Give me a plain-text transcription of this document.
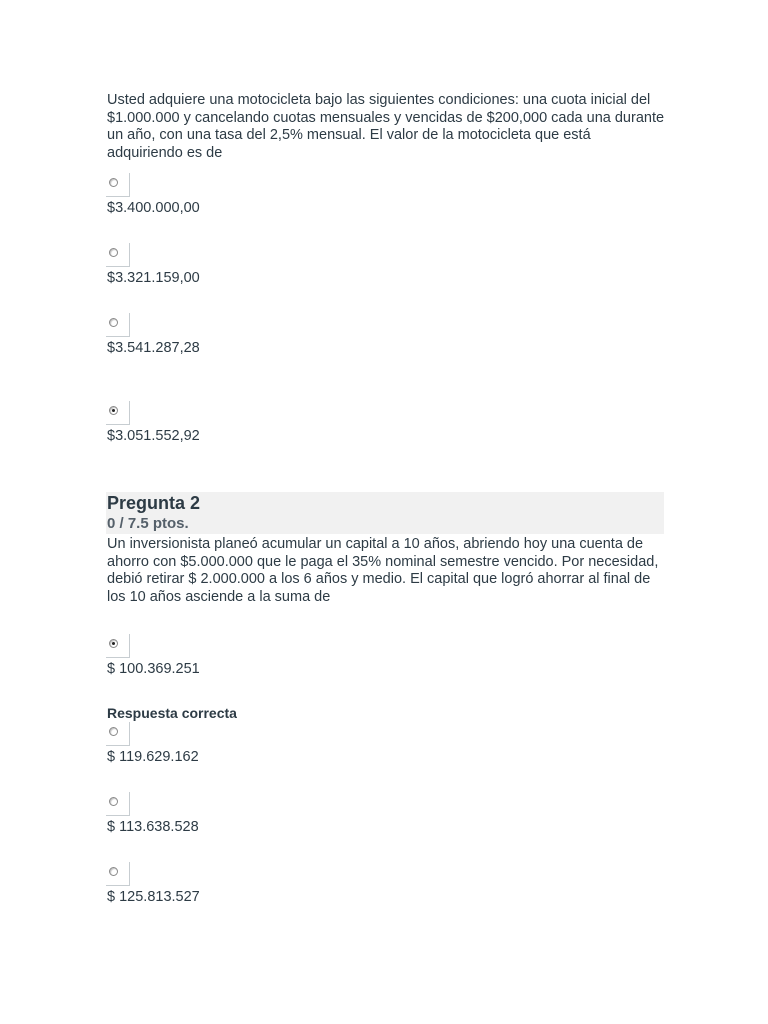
Usted adquiere una motocicleta bajo las siguientes condiciones: una cuota inicial del $1.000.000 y cancelando cuotas mensuales y vencidas de $200,000 cada una durante un año, con una tasa del 2,5% mensual. El valor de la motocicleta que está adquiriendo es de

$3.400.000,00
$3.321.159,00
$3.541.287,28
$3.051.552,92
Pregunta 2
0 / 7.5 ptos.

Un inversionista planeó acumular un capital a 10 años, abriendo hoy una cuenta de ahorro con $5.000.000 que le paga el 35% nominal semestre vencido. Por necesidad, debió retirar $ 2.000.000 a los 6 años y medio. El capital que logró ahorrar al final de los 10 años asciende a la suma de

$ 100.369.251
Respuesta correcta
$ 119.629.162
$ 113.638.528
$ 125.813.527
